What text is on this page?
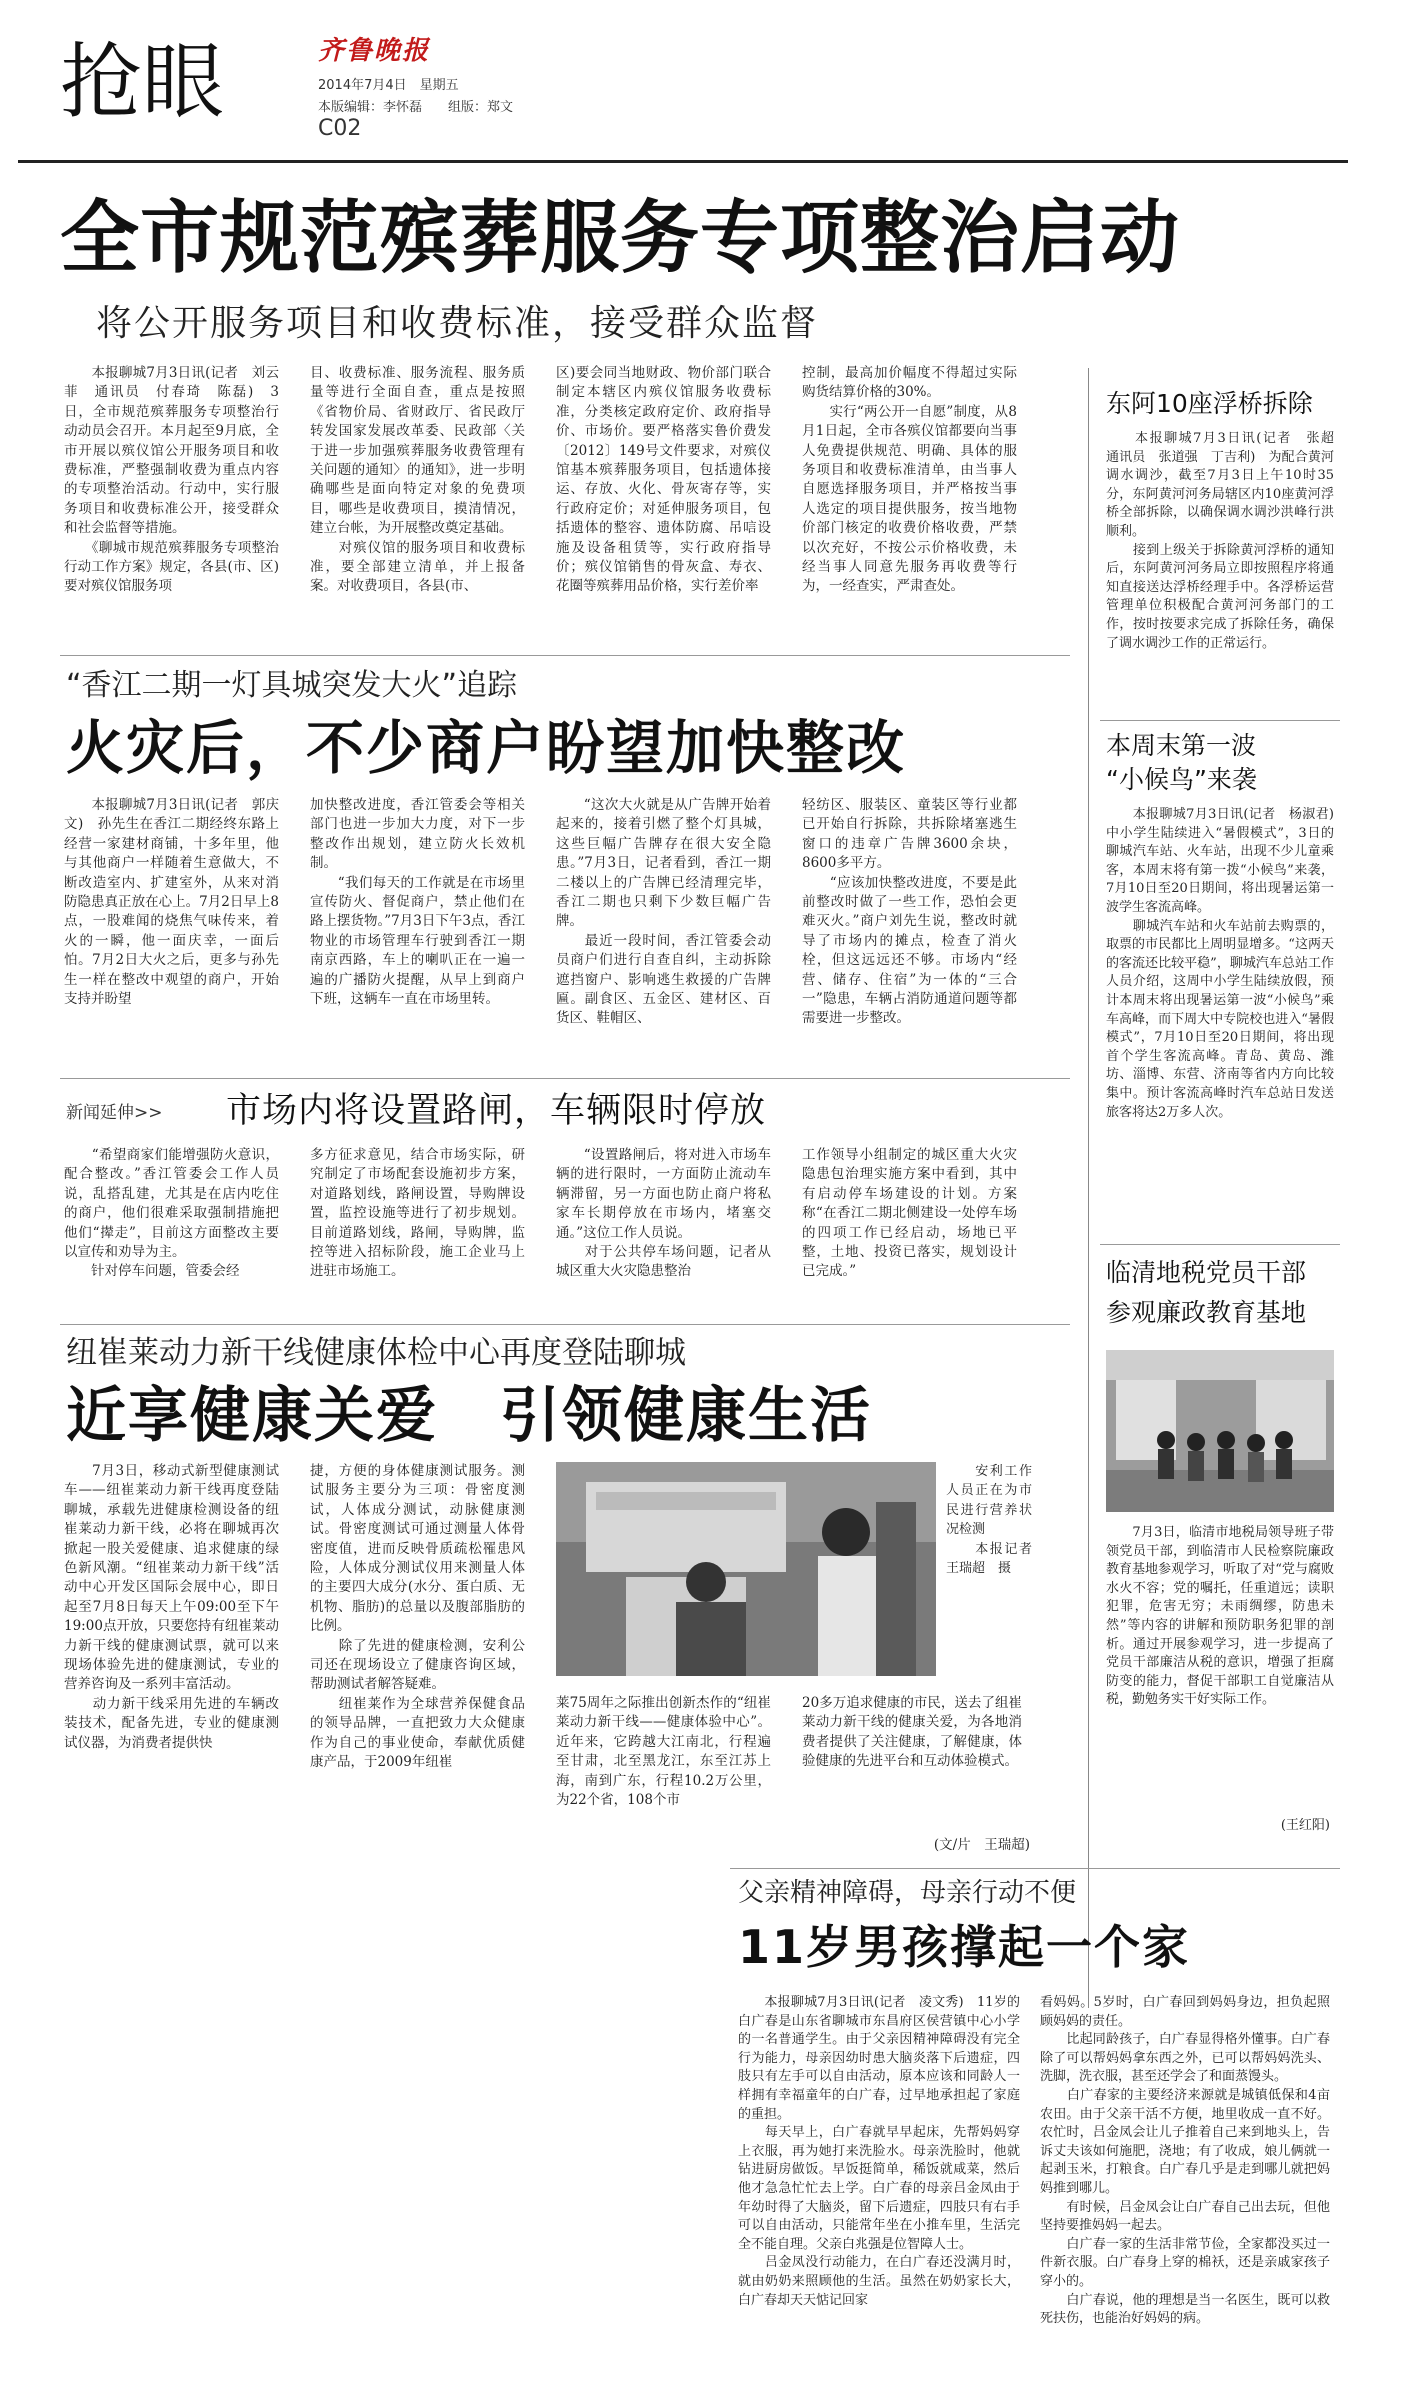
抢眼	齐鲁晚报
2014年7月4日　星期五
本版编辑：李怀磊　　组版：郑文
C02
全市规范殡葬服务专项整治启动
将公开服务项目和收费标准，接受群众监督
　　本报聊城7月3日讯(记者　刘云菲　通讯员　付春琦　陈磊)　3日，全市规范殡葬服务专项整治行动动员会召开。本月起至9月底，全市开展以殡仪馆公开服务项目和收费标准，严整强制收费为重点内容的专项整治活动。行动中，实行服务项目和收费标准公开，接受群众和社会监督等措施。
　　《聊城市规范殡葬服务专项整治行动工作方案》规定，各县(市、区)要对殡仪馆服务项
目、收费标准、服务流程、服务质量等进行全面自查，重点是按照《省物价局、省财政厅、省民政厅转发国家发展改革委、民政部〈关于进一步加强殡葬服务收费管理有关问题的通知〉的通知》，进一步明确哪些是面向特定对象的免费项目，哪些是收费项目，摸清情况，建立台帐，为开展整改奠定基础。
　　对殡仪馆的服务项目和收费标准，要全部建立清单，并上报备案。对收费项目，各县(市、
区)要会同当地财政、物价部门联合制定本辖区内殡仪馆服务收费标准，分类核定政府定价、政府指导价、市场价。要严格落实鲁价费发〔2012〕149号文件要求，对殡仪馆基本殡葬服务项目，包括遗体接运、存放、火化、骨灰寄存等，实行政府定价；对延伸服务项目，包括遗体的整容、遗体防腐、吊唁设施及设备租赁等，实行政府指导价；殡仪馆销售的骨灰盒、寿衣、花圈等殡葬用品价格，实行差价率
控制，最高加价幅度不得超过实际购货结算价格的30%。
　　实行“两公开一自愿”制度，从8月1日起，全市各殡仪馆都要向当事人免费提供规范、明确、具体的服务项目和收费标准清单，由当事人自愿选择服务项目，并严格按当事人选定的项目提供服务，按当地物价部门核定的收费价格收费，严禁以次充好，不按公示价格收费，未经当事人同意先服务再收费等行为，一经查实，严肃查处。
“香江二期一灯具城突发大火”追踪
火灾后，不少商户盼望加快整改
　　本报聊城7月3日讯(记者　郭庆文)　孙先生在香江二期经终东路上经营一家建材商铺，十多年里，他与其他商户一样随着生意做大，不断改造室内、扩建室外，从来对消防隐患真正放在心上。7月2日早上8点，一股难闻的烧焦气味传来，着火的一瞬，他一面庆幸，一面后怕。7月2日大火之后，更多与孙先生一样在整改中观望的商户，开始支持并盼望
加快整改进度，香江管委会等相关部门也进一步加大力度，对下一步整改作出规划，建立防火长效机制。
　　“我们每天的工作就是在市场里宣传防火、督促商户，禁止他们在路上摆货物。”7月3日下午3点，香江物业的市场管理车行驶到香江一期南京西路，车上的喇叭正在一遍一遍的广播防火提醒，从早上到商户下班，这辆车一直在市场里转。
　　“这次大火就是从广告牌开始着起来的，接着引燃了整个灯具城，这些巨幅广告牌存在很大安全隐患。”7月3日，记者看到，香江一期二楼以上的广告牌已经清理完毕，香江二期也只剩下少数巨幅广告牌。
　　最近一段时间，香江管委会动员商户们进行自查自纠，主动拆除遮挡窗户、影响逃生救援的广告牌匾。副食区、五金区、建材区、百货区、鞋帽区、
轻纺区、服装区、童装区等行业都已开始自行拆除，共拆除堵塞逃生窗口的违章广告牌3600余块，8600多平方。
　　“应该加快整改进度，不要是此前整改时做了一些工作，恐怕会更难灭火。”商户刘先生说，整改时就导了市场内的摊点，检查了消火栓，但这远远还不够。市场内“经营、储存、住宿”为一体的“三合一”隐患，车辆占消防通道问题等都需要进一步整改。
新闻延伸>> 市场内将设置路闸，车辆限时停放
　　“希望商家们能增强防火意识，配合整改。”香江管委会工作人员说，乱搭乱建，尤其是在店内吃住的商户，他们很难采取强制措施把他们“撵走”，目前这方面整改主要以宣传和劝导为主。
　　针对停车问题，管委会经
多方征求意见，结合市场实际，研究制定了市场配套设施初步方案，对道路划线，路闸设置，导购牌设置，监控设施等进行了初步规划。目前道路划线，路闸，导购牌，监控等进入招标阶段，施工企业马上进驻市场施工。
　　“设置路闸后，将对进入市场车辆的进行限时，一方面防止流动车辆滞留，另一方面也防止商户将私家车长期停放在市场内，堵塞交通。”这位工作人员说。
　　对于公共停车场问题，记者从城区重大火灾隐患整治
工作领导小组制定的城区重大火灾隐患包治理实施方案中看到，其中有启动停车场建设的计划。方案称“在香江二期北侧建设一处停车场的四项工作已经启动，场地已平整，土地、投资已落实，规划设计已完成。”
纽崔莱动力新干线健康体检中心再度登陆聊城
近享健康关爱　引领健康生活
　　7月3日，移动式新型健康测试车——纽崔莱动力新干线再度登陆聊城，承载先进健康检测设备的纽崔莱动力新干线，必将在聊城再次掀起一股关爱健康、追求健康的绿色新风潮。“纽崔莱动力新干线”活动中心开发区国际会展中心，即日起至7月8日每天上午09:00至下午19:00点开放，只要您持有纽崔莱动力新干线的健康测试票，就可以来现场体验先进的健康测试，专业的营养咨询及一系列丰富活动。
　　动力新干线采用先进的车辆改装技术，配备先进，专业的健康测试仪器，为消费者提供快
捷，方便的身体健康测试服务。测试服务主要分为三项：骨密度测试，人体成分测试，动脉健康测试。骨密度测试可通过测量人体骨密度值，进而反映骨质疏松罹患风险，人体成分测试仪用来测量人体的主要四大成分(水分、蛋白质、无机物、脂肪)的总量以及腹部脂肪的比例。
　　除了先进的健康检测，安利公司还在现场设立了健康咨询区域，帮助测试者解答疑难。
　　纽崔莱作为全球营养保健食品的领导品牌，一直把致力大众健康作为自己的事业使命，奉献优质健康产品，于2009年纽崔
　　安利工作人员正在为市民进行营养状况检测
　　本报记者　王瑞超　摄
莱75周年之际推出创新杰作的“纽崔莱动力新干线——健康体验中心”。近年来，它跨越大江南北，行程遍至甘肃，北至黑龙江，东至江苏上海，南到广东，行程10.2万公里，为22个省，108个市
20多万追求健康的市民，送去了组崔莱动力新干线的健康关爱，为各地消费者提供了关注健康，了解健康，体验健康的先进平台和互动体验模式。
(文/片　王瑞超)
父亲精神障碍，母亲行动不便
11岁男孩撑起一个家
　　本报聊城7月3日讯(记者　凌文秀)　11岁的白广春是山东省聊城市东昌府区侯营镇中心小学的一名普通学生。由于父亲因精神障碍没有完全行为能力，母亲因幼时患大脑炎落下后遗症，四肢只有左手可以自由活动，原本应该和同龄人一样拥有幸福童年的白广春，过早地承担起了家庭的重担。
　　每天早上，白广春就早早起床，先帮妈妈穿上衣服，再为她打来洗脸水。母亲洗脸时，他就钻进厨房做饭。早饭挺简单，稀饭就咸菜，然后他才急急忙忙去上学。白广春的母亲吕金凤由于年幼时得了大脑炎，留下后遗症，四肢只有右手可以自由活动，只能常年坐在小推车里，生活完全不能自理。父亲白兆强是位智障人士。
　　吕金凤没行动能力，在白广春还没满月时，就由奶奶来照顾他的生活。虽然在奶奶家长大，白广春却天天惦记回家
看妈妈。5岁时，白广春回到妈妈身边，担负起照顾妈妈的责任。
　　比起同龄孩子，白广春显得格外懂事。白广春除了可以帮妈妈拿东西之外，已可以帮妈妈洗头、洗脚，洗衣服，甚至还学会了和面蒸馒头。
　　白广春家的主要经济来源就是城镇低保和4亩农田。由于父亲干活不方便，地里收成一直不好。农忙时，吕金凤会让儿子推着自己来到地头上，告诉丈夫该如何施肥，浇地；有了收成，娘儿俩就一起剥玉米，打粮食。白广春几乎是走到哪儿就把妈妈推到哪儿。
　　有时候，吕金凤会让白广春自己出去玩，但他坚持要推妈妈一起去。
　　白广春一家的生活非常节俭，全家都没买过一件新衣服。白广春身上穿的棉袄，还是亲戚家孩子穿小的。
　　白广春说，他的理想是当一名医生，既可以救死扶伤，也能治好妈妈的病。
东阿10座浮桥拆除
　　本报聊城7月3日讯(记者　张超　通讯员　张道强　丁吉利)　为配合黄河调水调沙，截至7月3日上午10时35分，东阿黄河河务局辖区内10座黄河浮桥全部拆除，以确保调水调沙洪峰行洪顺利。
　　接到上级关于拆除黄河浮桥的通知后，东阿黄河河务局立即按照程序将通知直接送达浮桥经理手中。各浮桥运营管理单位积极配合黄河河务部门的工作，按时按要求完成了拆除任务，确保了调水调沙工作的正常运行。
本周末第一波
“小候鸟”来袭
　　本报聊城7月3日讯(记者　杨淑君)　中小学生陆续进入“暑假模式”，3日的聊城汽车站、火车站，出现不少儿童乘客，本周末将有第一拨“小候鸟”来袭，7月10日至20日期间，将出现暑运第一波学生客流高峰。
　　聊城汽车站和火车站前去购票的，取票的市民都比上周明显增多。“这两天的客流还比较平稳”，聊城汽车总站工作人员介绍，这周中小学生陆续放假，预计本周末将出现暑运第一波“小候鸟”乘车高峰，而下周大中专院校也进入“暑假模式”，7月10日至20日期间，将出现首个学生客流高峰。青岛、黄岛、潍坊、淄博、东营、济南等省内方向比较集中。预计客流高峰时汽车总站日发送旅客将达2万多人次。
临清地税党员干部
参观廉政教育基地
　　7月3日，临清市地税局领导班子带领党员干部，到临清市人民检察院廉政教育基地参观学习，听取了对“党与腐败水火不容；党的嘱托，任重道远；读职犯罪，危害无穷；未雨绸缪，防患未然”等内容的讲解和预防职务犯罪的剖析。通过开展参观学习，进一步提高了党员干部廉洁从税的意识，增强了拒腐防变的能力，督促干部职工自觉廉洁从税，勤勉务实干好实际工作。
(王红阳)
